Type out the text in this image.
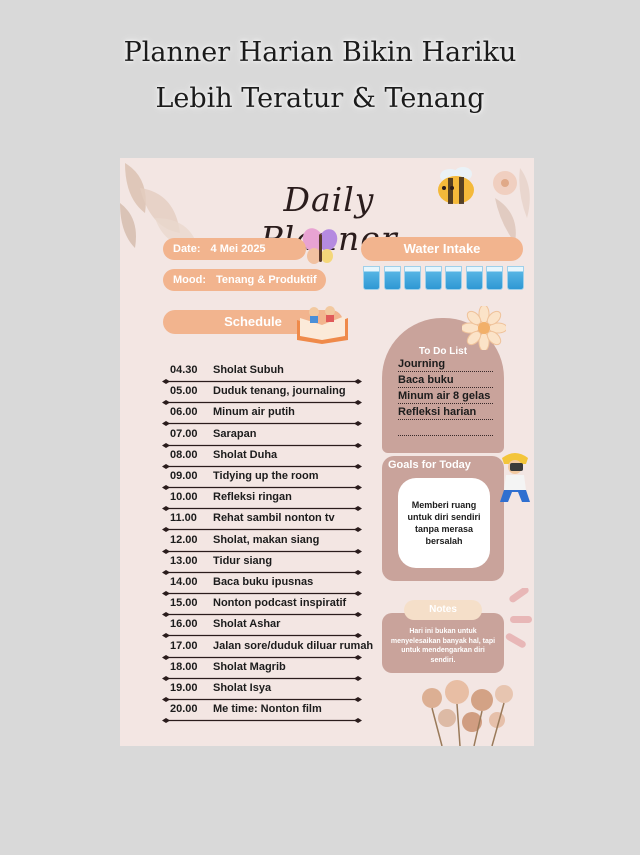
Planner Harian Bikin Hariku
Lebih Teratur & Tenang
Daily
Date: 4 Mei 2025
Mood: Tenang & Produktif
Water Intake
Schedule
To Do List
Journing
Baca buku
Minum air 8 gelas
Refleksi harian
Goals for Today
Memberi ruang untuk diri sendiri tanpa merasa bersalah
Notes
Hari ini bukan untuk menyelesaikan banyak hal, tapi untuk mendengarkan diri sendiri.
04.30 Sholat Subuh
05.00 Duduk tenang, journaling
06.00 Minum air putih
07.00 Sarapan
08.00 Sholat Duha
09.00 Tidying up the room
10.00 Refleksi ringan
11.00 Rehat sambil nonton tv
12.00 Sholat, makan siang
13.00 Tidur siang
14.00 Baca buku ipusnas
15.00 Nonton podcast inspiratif
16.00 Sholat Ashar
17.00 Jalan sore/duduk diluar rumah
18.00 Sholat Magrib
19.00 Sholat Isya
20.00 Me time: Nonton film
